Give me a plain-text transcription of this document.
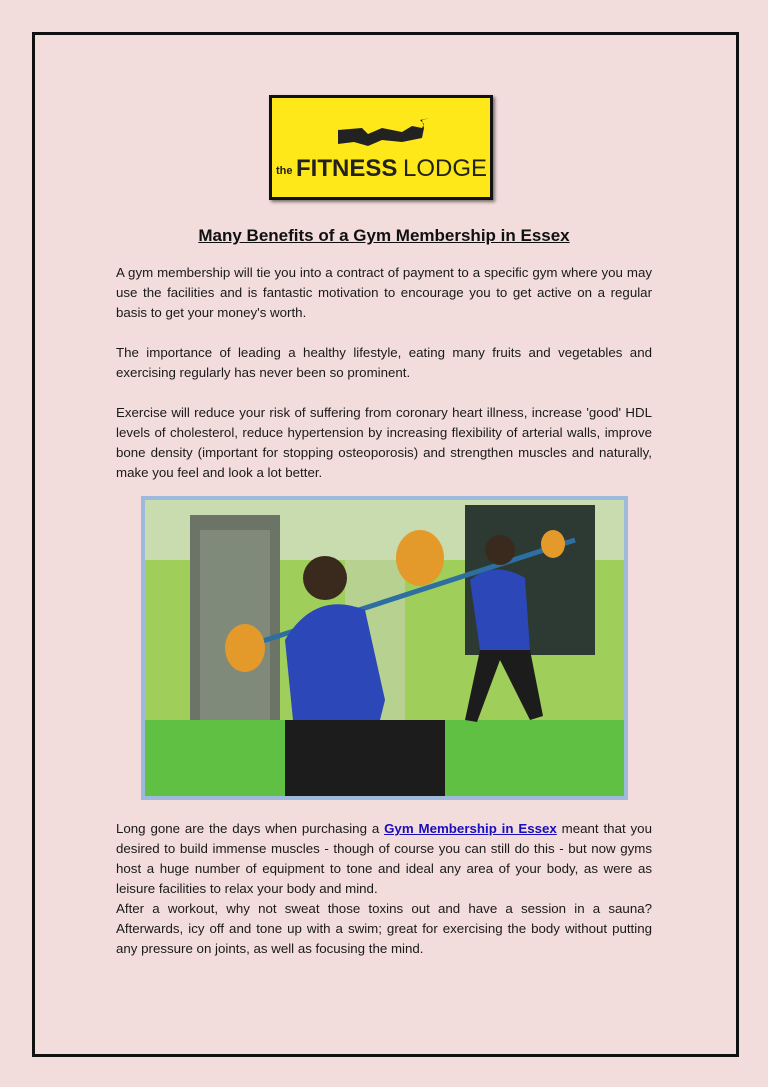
the FITNESS LODGE
Many Benefits of a Gym Membership in Essex

A gym membership will tie you into a contract of payment to a specific gym where you may use the facilities and is fantastic motivation to encourage you to get active on a regular basis to get your money's worth.

The importance of leading a healthy lifestyle, eating many fruits and vegetables and exercising regularly has never been so prominent.

Exercise will reduce your risk of suffering from coronary heart illness, increase 'good' HDL levels of cholesterol, reduce hypertension by increasing flexibility of arterial walls, improve bone density (important for stopping osteoporosis) and strengthen muscles and naturally, make you feel and look a lot better.

Long gone are the days when purchasing a Gym Membership in Essex meant that you desired to build immense muscles - though of course you can still do this - but now gyms host a huge number of equipment to tone and ideal any area of your body, as were as leisure facilities to relax your body and mind.

After a workout, why not sweat those toxins out and have a session in a sauna? Afterwards, icy off and tone up with a swim; great for exercising the body without putting any pressure on joints, as well as focusing the mind.
